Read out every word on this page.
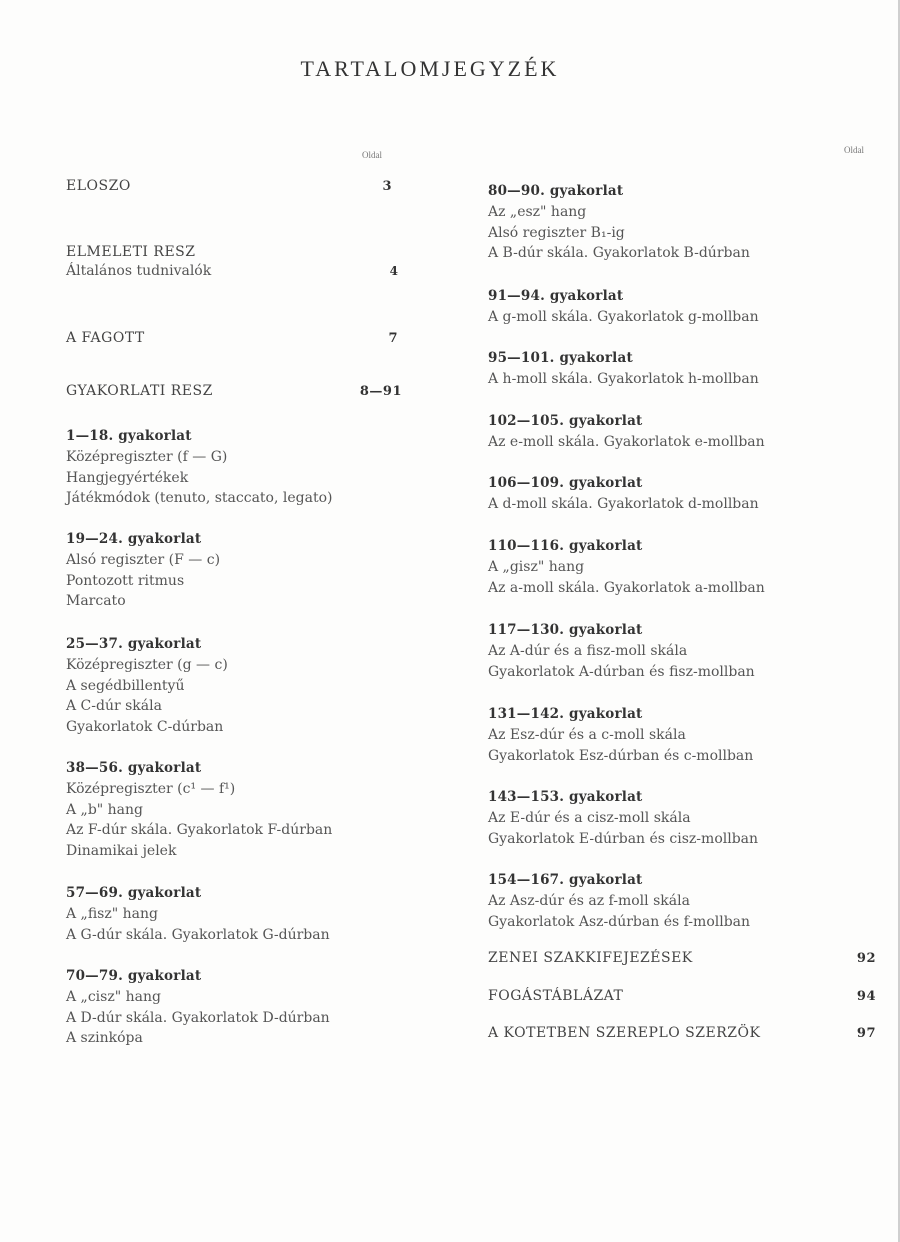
TARTALOMJEGYZÉK
Oldal	Oldal
ELOSZO	3
ELMELETI RESZ
Általános tudnivalók	4
A FAGOTT	7
GYAKORLATI RESZ	8—91
1—18. gyakorlat
Középregiszter (f — G)
Hangjegyértékek
Játékmódok (tenuto, staccato, legato)
19—24. gyakorlat
Alsó regiszter (F — c)
Pontozott ritmus
Marcato
25—37. gyakorlat
Középregiszter (g — c)
A segédbillentyű
A C-dúr skála
Gyakorlatok C-dúrban
38—56. gyakorlat
Középregiszter (c¹ — f¹)
A „b" hang
Az F-dúr skála. Gyakorlatok F-dúrban
Dinamikai jelek
57—69. gyakorlat
A „fisz" hang
A G-dúr skála. Gyakorlatok G-dúrban
70—79. gyakorlat
A „cisz" hang
A D-dúr skála. Gyakorlatok D-dúrban
A szinkópa
80—90. gyakorlat
Az „esz" hang
Alsó regiszter B₁-ig
A B-dúr skála. Gyakorlatok B-dúrban
91—94. gyakorlat
A g-moll skála. Gyakorlatok g-mollban
95—101. gyakorlat
A h-moll skála. Gyakorlatok h-mollban
102—105. gyakorlat
Az e-moll skála. Gyakorlatok e-mollban
106—109. gyakorlat
A d-moll skála. Gyakorlatok d-mollban
110—116. gyakorlat
A „gisz" hang
Az a-moll skála. Gyakorlatok a-mollban
117—130. gyakorlat
Az A-dúr és a fisz-moll skála
Gyakorlatok A-dúrban és fisz-mollban
131—142. gyakorlat
Az Esz-dúr és a c-moll skála
Gyakorlatok Esz-dúrban és c-mollban
143—153. gyakorlat
Az E-dúr és a cisz-moll skála
Gyakorlatok E-dúrban és cisz-mollban
154—167. gyakorlat
Az Asz-dúr és az f-moll skála
Gyakorlatok Asz-dúrban és f-mollban
ZENEI SZAKKIFEJEZÉSEK	92
FOGÁSTÁBLÁZAT	94
A KOTETBEN SZEREPLO SZERZÖK	97
